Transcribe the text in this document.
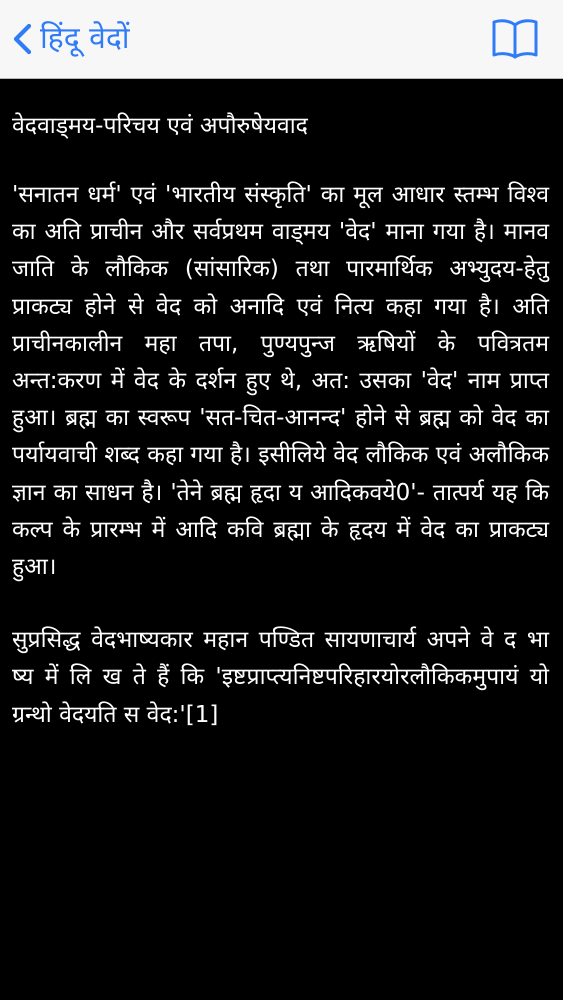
हिंदू वेदों
वेदवाड्मय-परिचय एवं अपौरुषेयवाद

'सनातन धर्म' एवं 'भारतीय संस्कृति' का मूल आधार स्तम्भ विश्व का अति प्राचीन और सर्वप्रथम वाड्मय 'वेद' माना गया है। मानव जाति के लौकिक (सांसारिक) तथा पारमार्थिक अभ्युदय-हेतु प्राकट्य होने से वेद को अनादि एवं नित्य कहा गया है। अति प्राचीनकालीन महा तपा, पुण्यपुन्ज ऋषियों के पवित्रतम अन्त:करण में वेद के दर्शन हुए थे, अत: उसका 'वेद' नाम प्राप्त हुआ। ब्रह्म का स्वरूप 'सत-चित-आनन्द' होने से ब्रह्म को वेद का पर्यायवाची शब्द कहा गया है। इसीलिये वेद लौकिक एवं अलौकिक ज्ञान का साधन है। 'तेने ब्रह्म हृदा य आदिकवये0'- तात्पर्य यह कि कल्प के प्रारम्भ में आदि कवि ब्रह्मा के हृदय में वेद का प्राकट्य हुआ।

सुप्रसिद्ध वेदभाष्यकार महान पण्डित सायणाचार्य अपने वे द भा ष्य में लि ख ते हैं कि 'इष्टप्राप्त्यनिष्टपरिहारयोरलौकिकमुपायं यो ग्रन्थो वेदयति स वेद:'[1]
